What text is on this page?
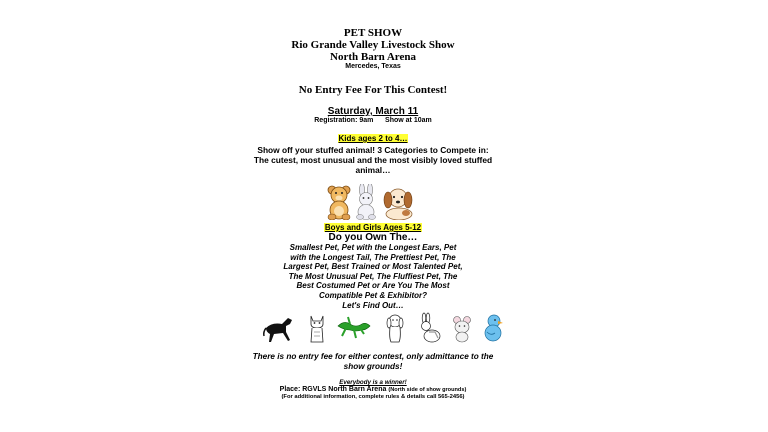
PET SHOW
Rio Grande Valley Livestock Show
North Barn Arena
Mercedes, Texas
No Entry Fee For This Contest!
Saturday, March 11
Registration: 9am      Show at 10am
Kids ages 2 to 4…
Show off your stuffed animal! 3 Categories to Compete in: The cutest, most unusual and the most visibly loved stuffed animal…
Boys and Girls Ages 5-12
Do you Own The…
Smallest Pet, Pet with the Longest Ears, Pet with the Longest Tail, The Prettiest Pet, The Largest Pet, Best Trained or Most Talented Pet, The Most Unusual Pet, The Fluffiest Pet, The Best Costumed Pet or Are You The Most Compatible Pet & Exhibitor?
Let's Find Out…
There is no entry fee for either contest, only admittance to the show grounds!
Everybody is a winner!
Place: RGVLS North Barn Arena (North side of show grounds)
(For additional information, complete rules & details call 565-2456)
